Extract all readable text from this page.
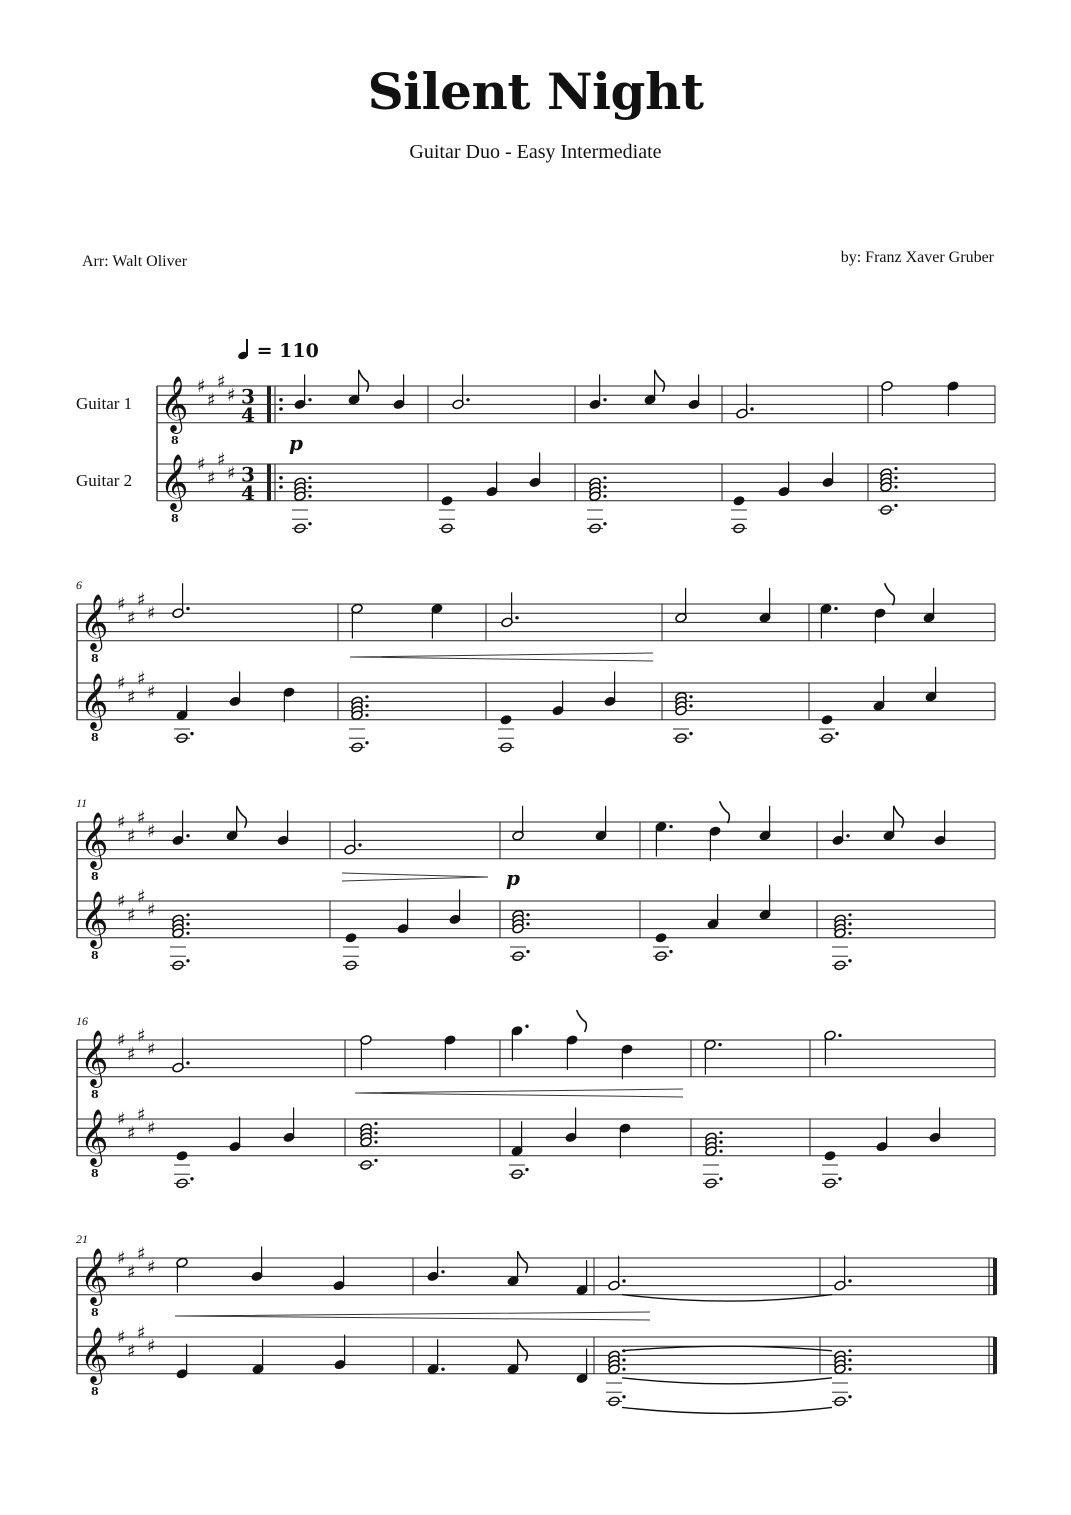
Silent Night
Guitar Duo - Easy Intermediate
Arr: Walt Oliver	by: Franz Xaver Gruber
Guitar 1
Guitar 2
= 110
6
11
16
21
𝄞
8
♯
♯
♯
♯
𝄞
8
♯
♯
♯
♯
3
4
3
4
𝄞
8
♯
♯
♯
♯
𝄞
8
♯
♯
♯
♯
𝄞
8
♯
♯
♯
♯
𝄞
8
♯
♯
♯
♯
𝄞
8
♯
♯
♯
♯
𝄞
8
♯
♯
♯
♯
𝄞
8
♯
♯
♯
♯
𝄞
8
♯
♯
♯
♯
p
p
